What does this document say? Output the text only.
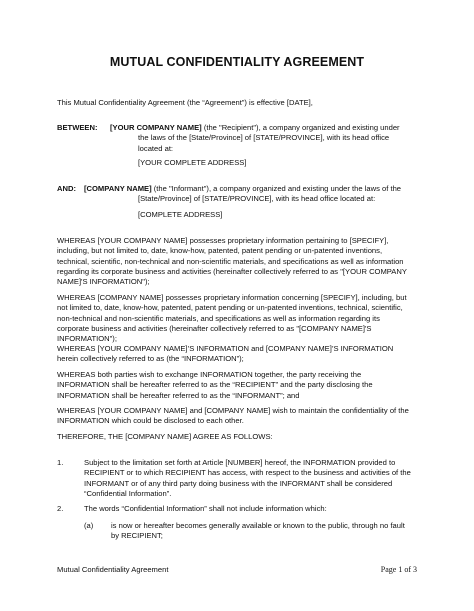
MUTUAL CONFIDENTIALITY AGREEMENT
This Mutual Confidentiality Agreement (the “Agreement”) is effective [DATE],
BETWEEN: [YOUR COMPANY NAME] (the "Recipient"), a company organized and existing under
the laws of the [State/Province] of [STATE/PROVINCE], with its head office
located at:
[YOUR COMPLETE ADDRESS]
AND: [COMPANY NAME] (the "Informant"), a company organized and existing under the laws of the
[State/Province] of [STATE/PROVINCE], with its head office located at:
[COMPLETE ADDRESS]
WHEREAS [YOUR COMPANY NAME] possesses proprietary information pertaining to [SPECIFY],
including, but not limited to, date, know-how, patented, patent pending or un-patented inventions,
technical, scientific, non-technical and non-scientific materials, and specifications as well as information
regarding its corporate business and activities (hereinafter collectively referred to as "[YOUR COMPANY
NAME]'S INFORMATION");
WHEREAS [COMPANY NAME] possesses proprietary information concerning [SPECIFY], including, but
not limited to, date, know-how, patented, patent pending or un-patented inventions, technical, scientific,
non-technical and non-scientific materials, and specifications as well as information regarding its
corporate business and activities (hereinafter collectively referred to as "[COMPANY NAME]'S
INFORMATION");
WHEREAS [YOUR COMPANY NAME]’S INFORMATION and [COMPANY NAME]’S INFORMATION
herein collectively referred to as (the “INFORMATION”);
WHEREAS both parties wish to exchange INFORMATION together, the party receiving the
INFORMATION shall be hereafter referred to as the “RECIPIENT” and the party disclosing the
INFORMATION shall be hereafter referred to as the “INFORMANT”; and
WHEREAS [YOUR COMPANY NAME] and [COMPANY NAME] wish to maintain the confidentiality of the
INFORMATION which could be disclosed to each other.
THEREFORE, THE [COMPANY NAME] AGREE AS FOLLOWS:
1.	Subject to the limitation set forth at Article [NUMBER] hereof, the INFORMATION provided to
RECIPIENT or to which RECIPIENT has access, with respect to the business and activities of the
INFORMANT or of any third party doing business with the INFORMANT shall be considered
“Confidential Information”.
2.	The words “Confidential Information” shall not include information which:
(a) is now or hereafter becomes generally available or known to the public, through no fault
by RECIPIENT;
Mutual Confidentiality Agreement	Page 1 of 3
